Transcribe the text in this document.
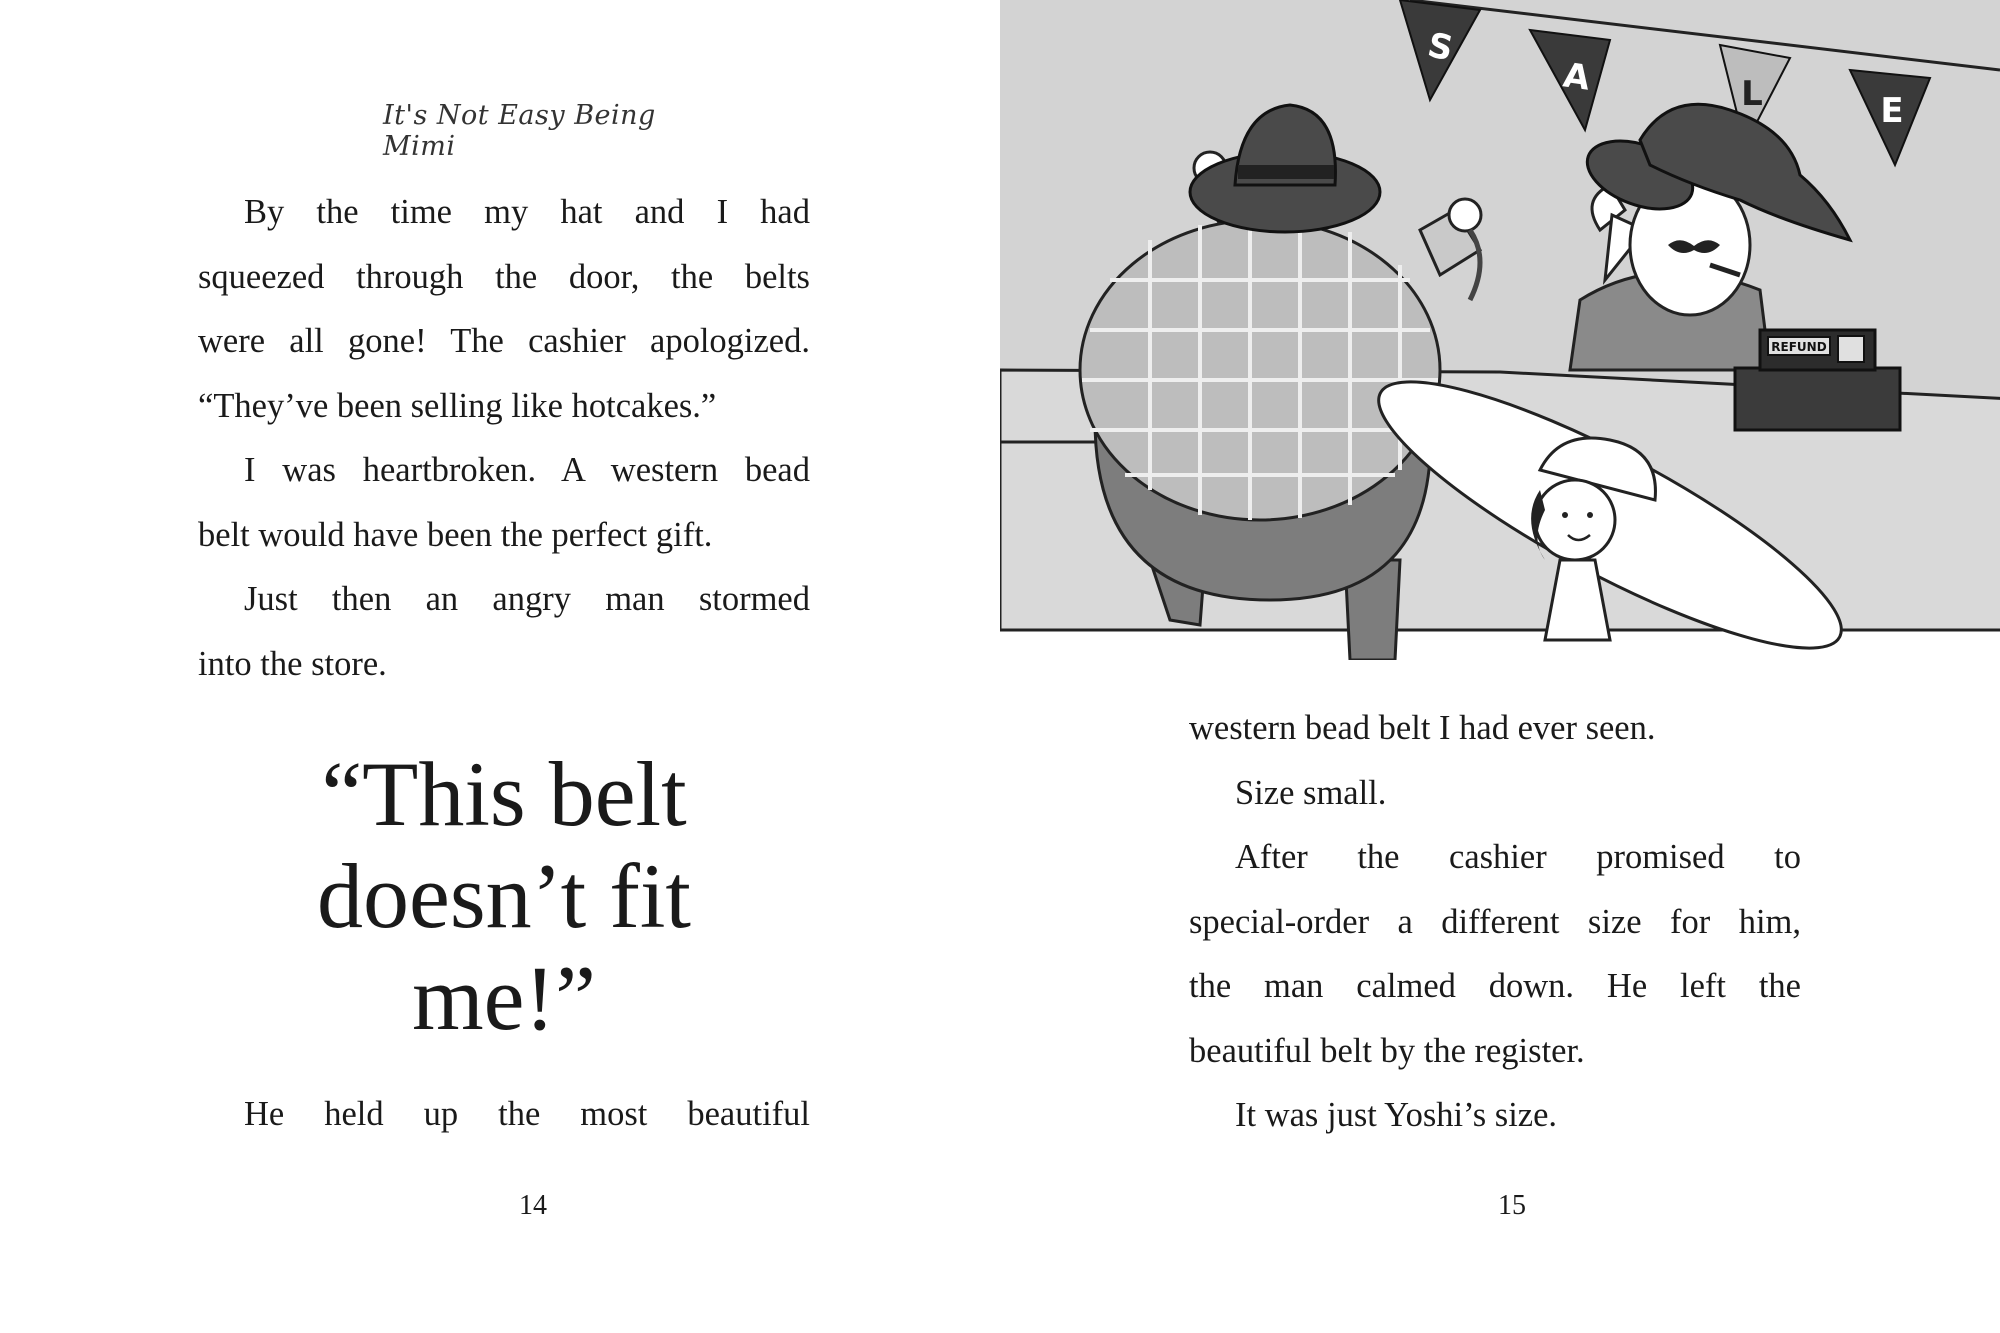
It's Not Easy Being Mimi
By the time my hat and I had
squeezed through the door, the belts
were all gone! The cashier apologized.
“They’ve been selling like hotcakes.”
I was heartbroken. A western bead
belt would have been the perfect gift.
Just then an angry man stormed
into the store.
“This belt
doesn’t fit
me!”
He held up the most beautiful
14
S
A	L	E
REFUND
western bead belt I had ever seen.
Size small.
After the cashier promised to
special-order a different size for him,
the man calmed down. He left the
beautiful belt by the register.
It was just Yoshi’s size.
15
